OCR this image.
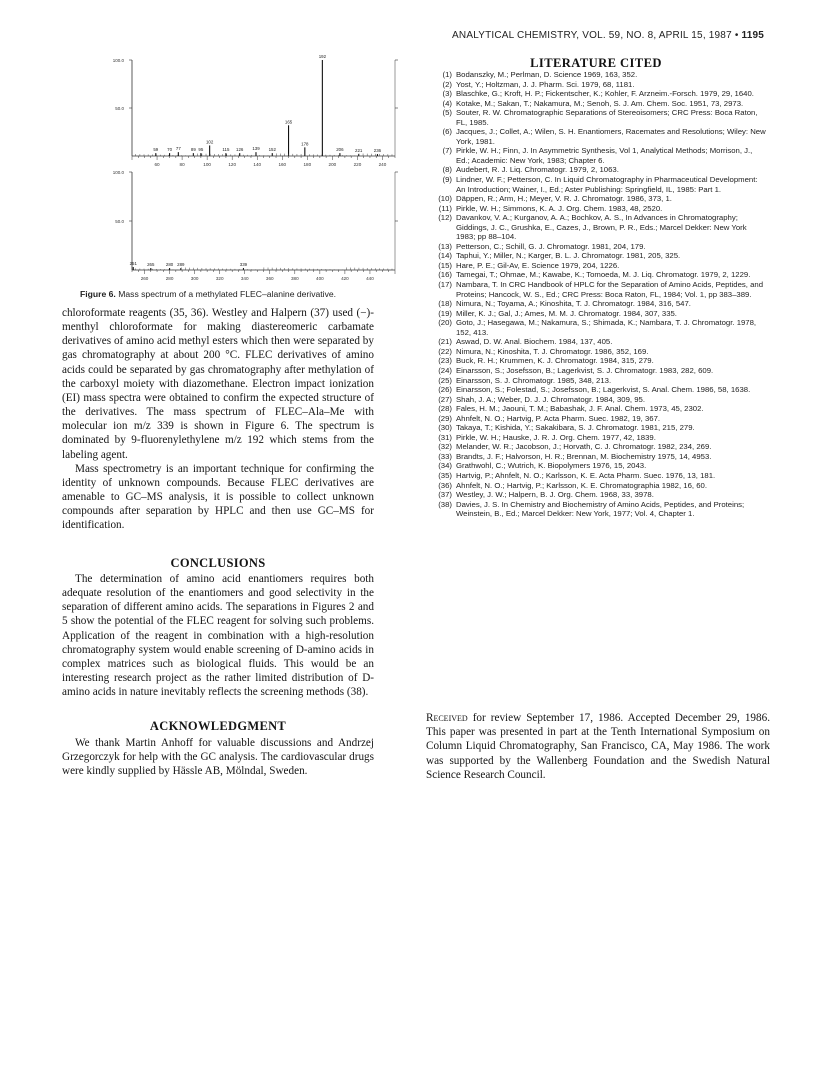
ANALYTICAL CHEMISTRY, VOL. 59, NO. 8, APRIL 15, 1987 • 1195
100.0
50.0
60	80	100	120	140	160	180	200	220	240
59 70 77 89 95
102
115 126 139 152
165
178
192
206	221	236
100.0
50.0
260	280	300	320	340	360	380	400	420	440
251 265	280 289	339
Figure 6. Mass spectrum of a methylated FLEC–alanine derivative.

chloroformate reagents (35, 36). Westley and Halpern (37) used (−)-menthyl chloroformate for making diastereomeric carbamate derivatives of amino acid methyl esters which then were separated by gas chromatography at about 200 °C. FLEC derivatives of amino acids could be separated by gas chromatography after methylation of the carboxyl moiety with diazomethane. Electron impact ionization (EI) mass spectra were obtained to confirm the expected structure of the derivatives. The mass spectrum of FLEC–Ala–Me with molecular ion m/z 339 is shown in Figure 6. The spectrum is dominated by 9-fluorenylethylene m/z 192 which stems from the labeling agent.

Mass spectrometry is an important technique for confirming the identity of unknown compounds. Because FLEC derivatives are amenable to GC–MS analysis, it is possible to collect unknown compounds after separation by HPLC and then use GC–MS for identification.

CONCLUSIONS

The determination of amino acid enantiomers requires both adequate resolution of the enantiomers and good selectivity in the separation of different amino acids. The separations in Figures 2 and 5 show the potential of the FLEC reagent for solving such problems. Application of the reagent in combination with a high-resolution chromatography system would enable screening of D-amino acids in complex matrices such as biological fluids. This would be an interesting research project as the rather limited distribution of D-amino acids in nature inevitably reflects the screening methods (38).

ACKNOWLEDGMENT

We thank Martin Anhoff for valuable discussions and Andrzej Grzegorczyk for help with the GC analysis. The cardiovascular drugs were kindly supplied by Hässle AB, Mölndal, Sweden.

LITERATURE CITED
(1) Bodanszky, M.; Perlman, D. Science 1969, 163, 352.
(2) Yost, Y.; Holtzman, J. J. Pharm. Sci. 1979, 68, 1181.
(3) Blaschke, G.; Kroft, H. P.; Fickentscher, K.; Kohler, F. Arzneim.-Forsch. 1979, 29, 1640.
(4) Kotake, M.; Sakan, T.; Nakamura, M.; Senoh, S. J. Am. Chem. Soc. 1951, 73, 2973.
(5) Souter, R. W. Chromatographic Separations of Stereoisomers; CRC Press: Boca Raton, FL, 1985.
(6) Jacques, J.; Collet, A.; Wilen, S. H. Enantiomers, Racemates and Resolutions; Wiley: New York, 1981.
(7) Pirkle, W. H.; Finn, J. In Asymmetric Synthesis, Vol 1, Analytical Methods; Morrison, J., Ed.; Academic: New York, 1983; Chapter 6.
(8) Audebert, R. J. Liq. Chromatogr. 1979, 2, 1063.
(9) Lindner, W. F.; Petterson, C. In Liquid Chromatography in Pharmaceutical Development: An Introduction; Wainer, I., Ed.; Aster Publishing: Springfield, IL, 1985: Part 1.
(10) Däppen, R.; Arm, H.; Meyer, V. R. J. Chromatogr. 1986, 373, 1.
(11) Pirkle, W. H.; Simmons, K. A. J. Org. Chem. 1983, 48, 2520.
(12) Davankov, V. A.; Kurganov, A. A.; Bochkov, A. S., In Advances in Chromatography; Giddings, J. C., Grushka, E., Cazes, J., Brown, P. R., Eds.; Marcel Dekker: New York 1983; pp 88–104.
(13) Petterson, C.; Schill, G. J. Chromatogr. 1981, 204, 179.
(14) Taphui, Y.; Miller, N.; Karger, B. L. J. Chromatogr. 1981, 205, 325.
(15) Hare, P. E.; Gil-Av, E. Science 1979, 204, 1226.
(16) Tamegai, T.; Ohmae, M.; Kawabe, K.; Tomoeda, M. J. Liq. Chromatogr. 1979, 2, 1229.
(17) Nambara, T. In CRC Handbook of HPLC for the Separation of Amino Acids, Peptides, and Proteins; Hancock, W. S., Ed.; CRC Press: Boca Raton, FL, 1984; Vol. 1, pp 383–389.
(18) Nimura, N.; Toyama, A.; Kinoshita, T. J. Chromatogr. 1984, 316, 547.
(19) Miller, K. J.; Gal, J.; Ames, M. M. J. Chromatogr. 1984, 307, 335.
(20) Goto, J.; Hasegawa, M.; Nakamura, S.; Shimada, K.; Nambara, T. J. Chromatogr. 1978, 152, 413.
(21) Aswad, D. W. Anal. Biochem. 1984, 137, 405.
(22) Nimura, N.; Kinoshita, T. J. Chromatogr. 1986, 352, 169.
(23) Buck, R. H.; Krummen, K. J. Chromatogr. 1984, 315, 279.
(24) Einarsson, S.; Josefsson, B.; Lagerkvist, S. J. Chromatogr. 1983, 282, 609.
(25) Einarsson, S. J. Chromatogr. 1985, 348, 213.
(26) Einarsson, S.; Folestad, S.; Josefsson, B.; Lagerkvist, S. Anal. Chem. 1986, 58, 1638.
(27) Shah, J. A.; Weber, D. J. J. Chromatogr. 1984, 309, 95.
(28) Fales, H. M.; Jaouni, T. M.; Babashak, J. F. Anal. Chem. 1973, 45, 2302.
(29) Ahnfelt, N. O.; Hartvig, P. Acta Pharm. Suec. 1982, 19, 367.
(30) Takaya, T.; Kishida, Y.; Sakakibara, S. J. Chromatogr. 1981, 215, 279.
(31) Pirkle, W. H.; Hauske, J. R. J. Org. Chem. 1977, 42, 1839.
(32) Melander, W. R.; Jacobson, J.; Horvath, C. J. Chromatogr. 1982, 234, 269.
(33) Brandts, J. F.; Halvorson, H. R.; Brennan, M. Biochemistry 1975, 14, 4953.
(34) Grathwohl, C.; Wutrich, K. Biopolymers 1976, 15, 2043.
(35) Hartvig, P.; Ahnfelt, N. O.; Karlsson, K. E. Acta Pharm. Suec. 1976, 13, 181.
(36) Ahnfelt, N. O.; Hartvig, P.; Karlsson, K. E. Chromatographia 1982, 16, 60.
(37) Westley, J. W.; Halpern, B. J. Org. Chem. 1968, 33, 3978.
(38) Davies, J. S. In Chemistry and Biochemistry of Amino Acids, Peptides, and Proteins; Weinstein, B., Ed.; Marcel Dekker: New York, 1977; Vol. 4, Chapter 1.
Received for review September 17, 1986. Accepted December 29, 1986. This paper was presented in part at the Tenth International Symposium on Column Liquid Chromatography, San Francisco, CA, May 1986. The work was supported by the Wallenberg Foundation and the Swedish Natural Science Research Council.
